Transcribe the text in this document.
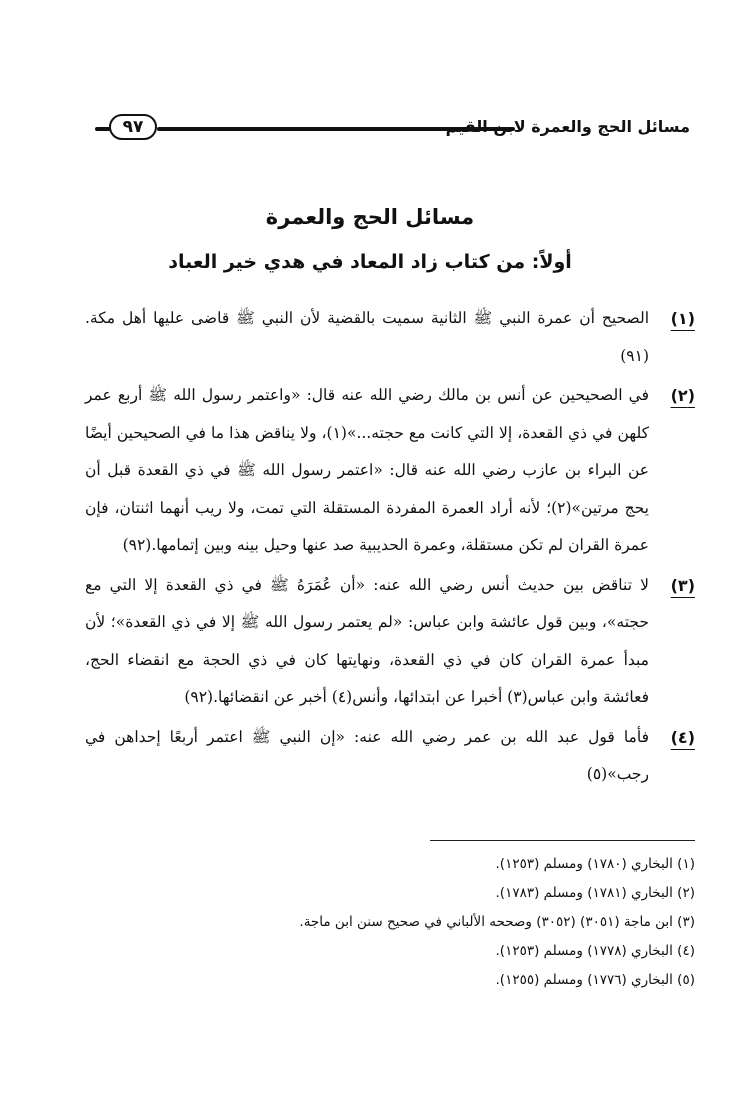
٩٧	مسائل الحج والعمرة لابن القيم
مسائل الحج والعمرة
أولاً: من كتاب زاد المعاد في هدي خير العباد
(١)
الصحيح أن عمرة النبي ﷺ الثانية سميت بالقضية لأن النبي ﷺ قاضى عليها أهل مكة.(٩١)
(٢)
في الصحيحين عن أنس بن مالك رضي الله عنه قال: «واعتمر رسول الله ﷺ أربع عمر كلهن في ذي القعدة، إلا التي كانت مع حجته...»(١)، ولا يناقض هذا ما في الصحيحين أيضًا عن البراء بن عازب رضي الله عنه قال: «اعتمر رسول الله ﷺ في ذي القعدة قبل أن يحج مرتين»(٢)؛ لأنه أراد العمرة المفردة المستقلة التي تمت، ولا ريب أنهما اثنتان، فإن عمرة القران لم تكن مستقلة، وعمرة الحديبية صد عنها وحيل بينه وبين إتمامها.(٩٢)
(٣)
لا تناقض بين حديث أنس رضي الله عنه: «أن عُمَرَهُ ﷺ في ذي القعدة إلا التي مع حجته»، وبين قول عائشة وابن عباس: «لم يعتمر رسول الله ﷺ إلا في ذي القعدة»؛ لأن مبدأ عمرة القران كان في ذي القعدة، ونهايتها كان في ذي الحجة مع انقضاء الحج، فعائشة وابن عباس(٣) أخبرا عن ابتدائها، وأنس(٤) أخبر عن انقضائها.(٩٢)
(٤)
فأما قول عبد الله بن عمر رضي الله عنه: «إن النبي ﷺ اعتمر أربعًا إحداهن في رجب»(٥)
(١) البخاري (١٧٨٠) ومسلم (١٢٥٣).
(٢) البخاري (١٧٨١) ومسلم (١٧٨٣).
(٣) ابن ماجة (٣٠٥١) (٣٠٥٢) وصححه الألباني في صحيح سنن ابن ماجة.
(٤) البخاري (١٧٧٨) ومسلم (١٢٥٣).
(٥) البخاري (١٧٧٦) ومسلم (١٢٥٥).
